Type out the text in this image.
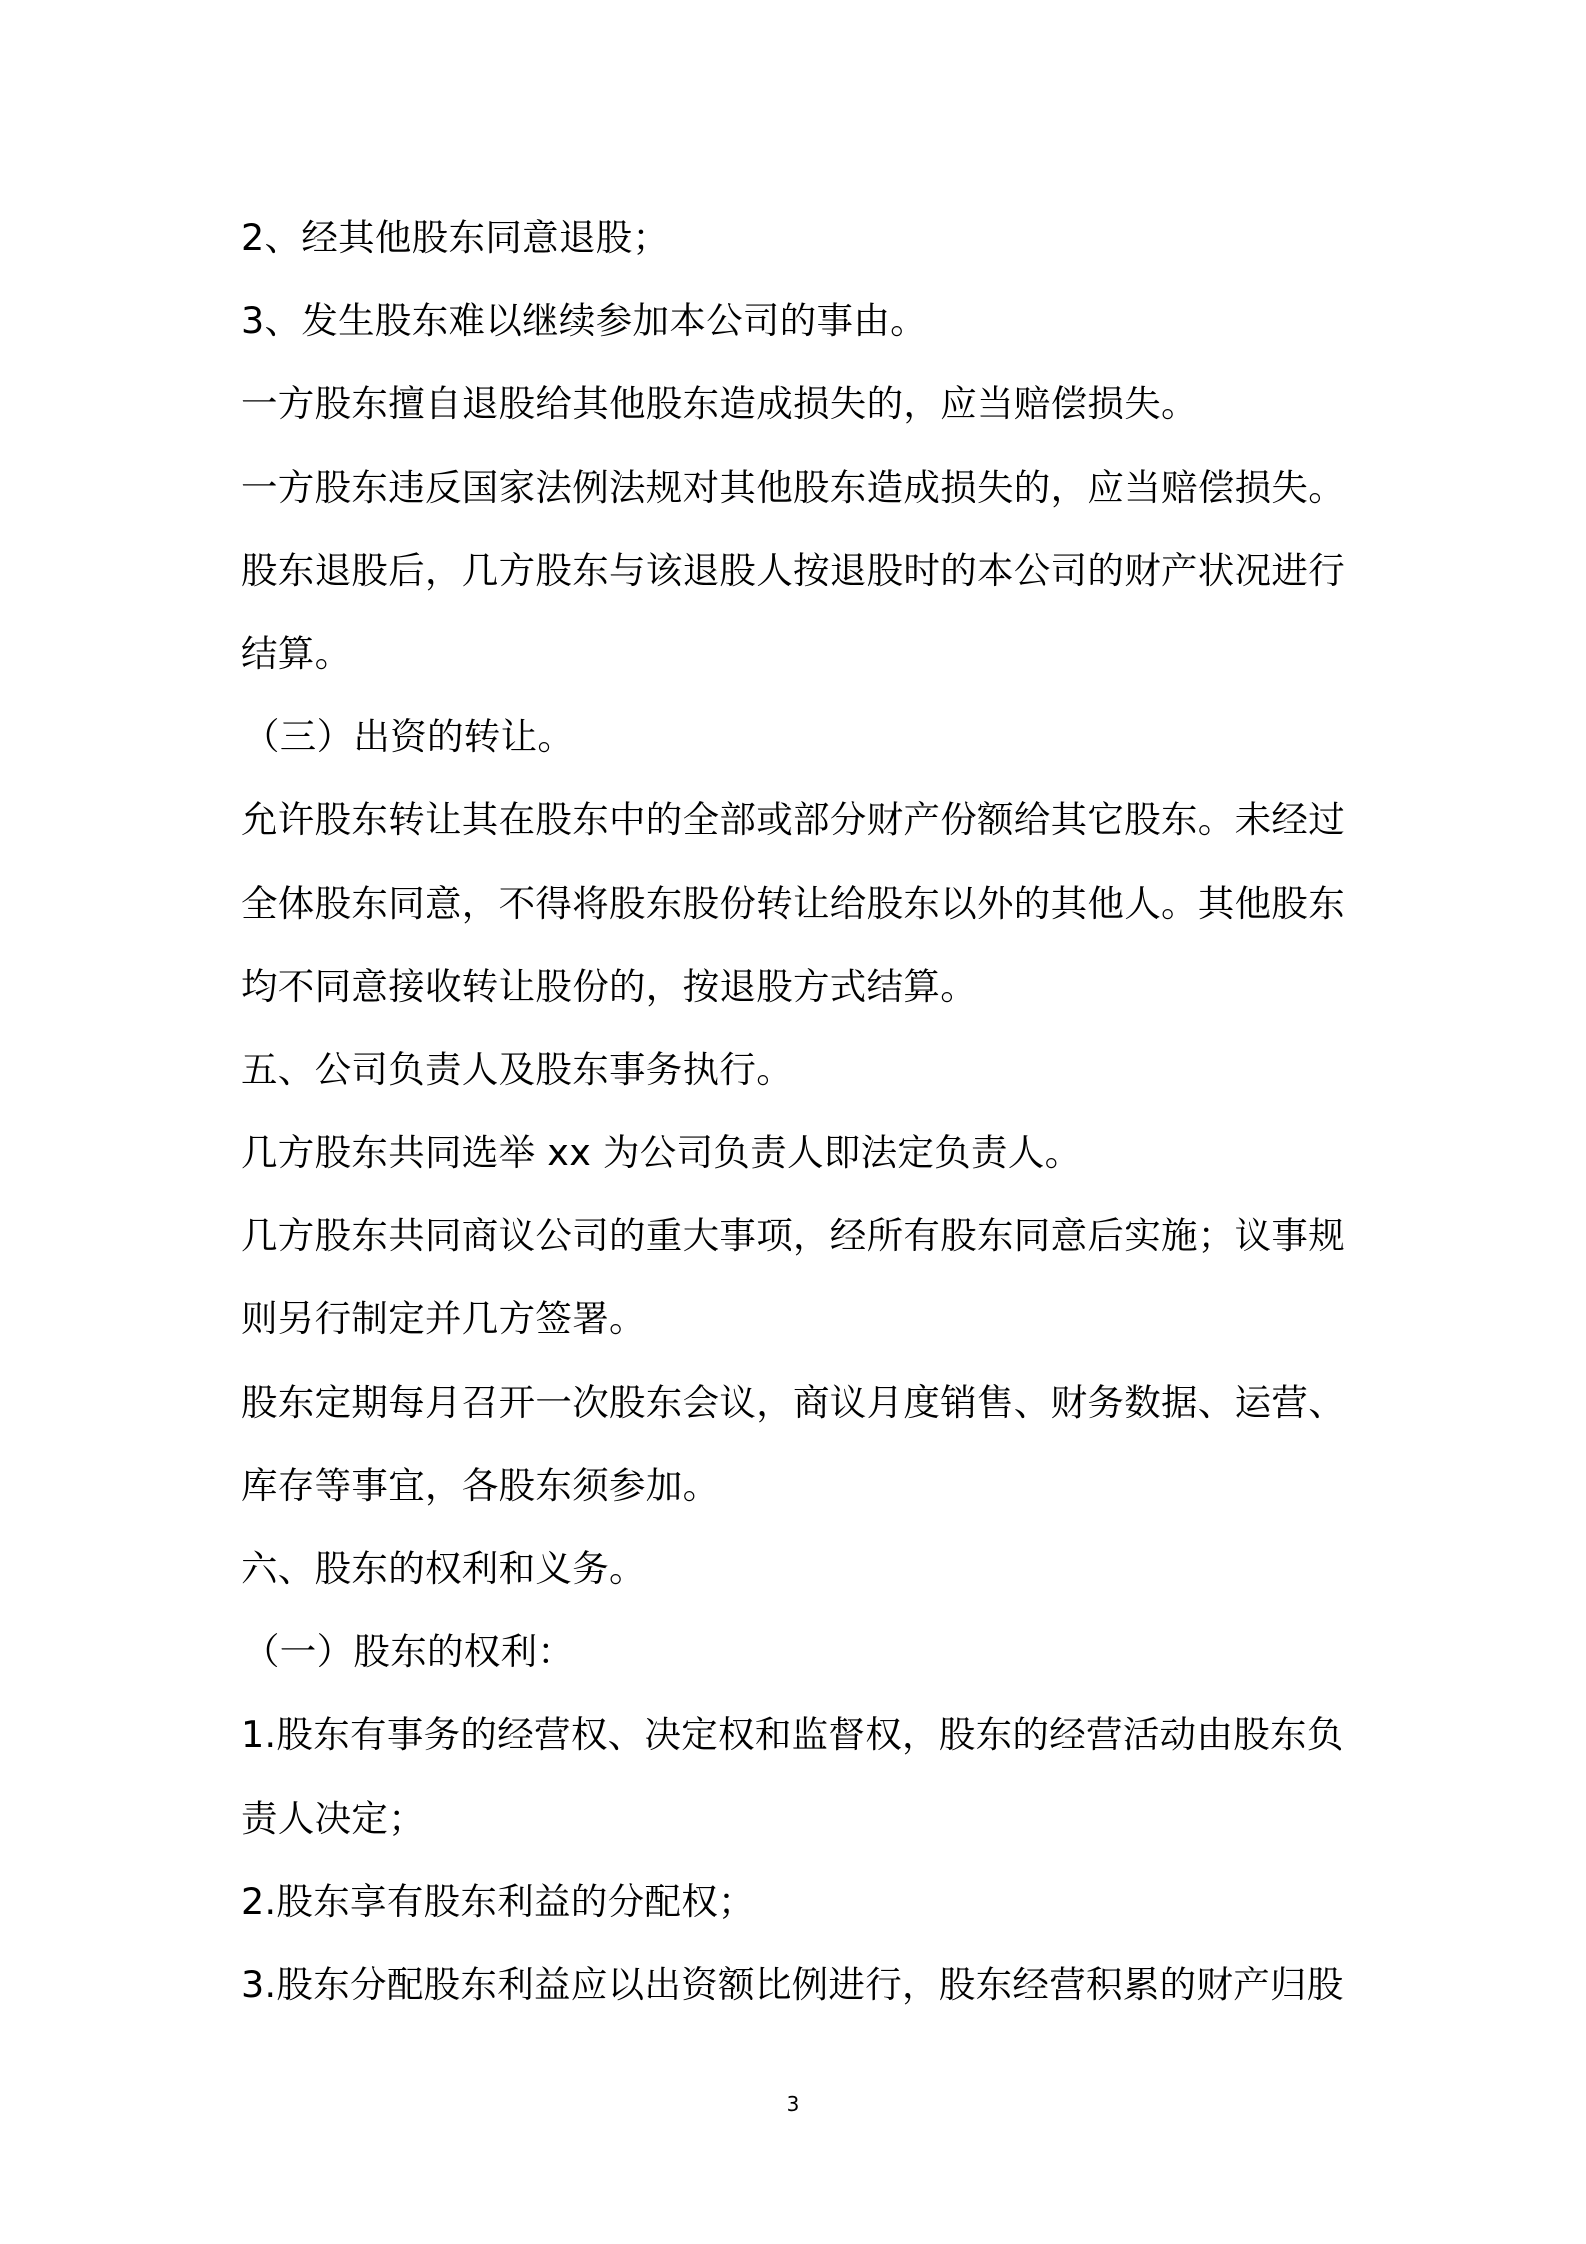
2、经其他股东同意退股；
3、发生股东难以继续参加本公司的事由。
一方股东擅自退股给其他股东造成损失的，应当赔偿损失。
一方股东违反国家法例法规对其他股东造成损失的，应当赔偿损失。
股东退股后，几方股东与该退股人按退股时的本公司的财产状况进行
结算。
（三）出资的转让。
允许股东转让其在股东中的全部或部分财产份额给其它股东。未经过
全体股东同意，不得将股东股份转让给股东以外的其他人。其他股东
均不同意接收转让股份的，按退股方式结算。
五、公司负责人及股东事务执行。
几方股东共同选举 xx 为公司负责人即法定负责人。
几方股东共同商议公司的重大事项，经所有股东同意后实施；议事规
则另行制定并几方签署。
股东定期每月召开一次股东会议，商议月度销售、财务数据、运营、
库存等事宜，各股东须参加。
六、股东的权利和义务。
（一）股东的权利：
1.股东有事务的经营权、决定权和监督权，股东的经营活动由股东负
责人决定；
2.股东享有股东利益的分配权；
3.股东分配股东利益应以出资额比例进行，股东经营积累的财产归股
3
